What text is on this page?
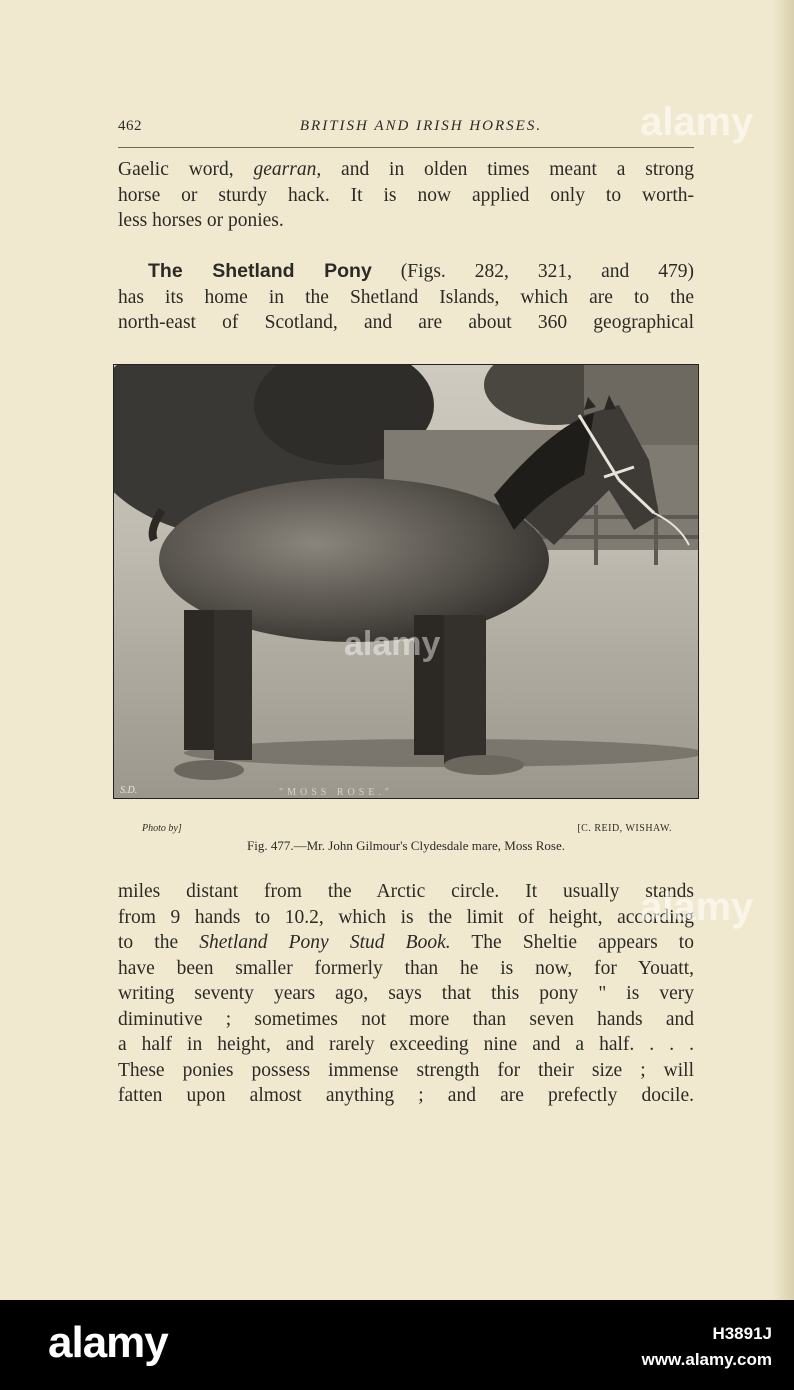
462	BRITISH AND IRISH HORSES.
Gaelic word, gearran, and in olden times meant a strong
horse or sturdy hack. It is now applied only to worth-
less horses or ponies.
The Shetland Pony (Figs. 282, 321, and 479)
has its home in the Shetland Islands, which are to the
north-east of Scotland, and are about 360 geographical
S.D.	"MOSS ROSE."
alamy
Photo by]	[C. REID, WISHAW.
Fig. 477.—Mr. John Gilmour's Clydesdale mare, Moss Rose.
miles distant from the Arctic circle. It usually stands
from 9 hands to 10.2, which is the limit of height, according
to the Shetland Pony Stud Book. The Sheltie appears to
have been smaller formerly than he is now, for Youatt,
writing seventy years ago, says that this pony " is very
diminutive ; sometimes not more than seven hands and
a half in height, and rarely exceeding nine and a half. . . .
These ponies possess immense strength for their size ; will
fatten upon almost anything ; and are prefectly docile.
alamy
alamy
alamy	H3891J
www.alamy.com
